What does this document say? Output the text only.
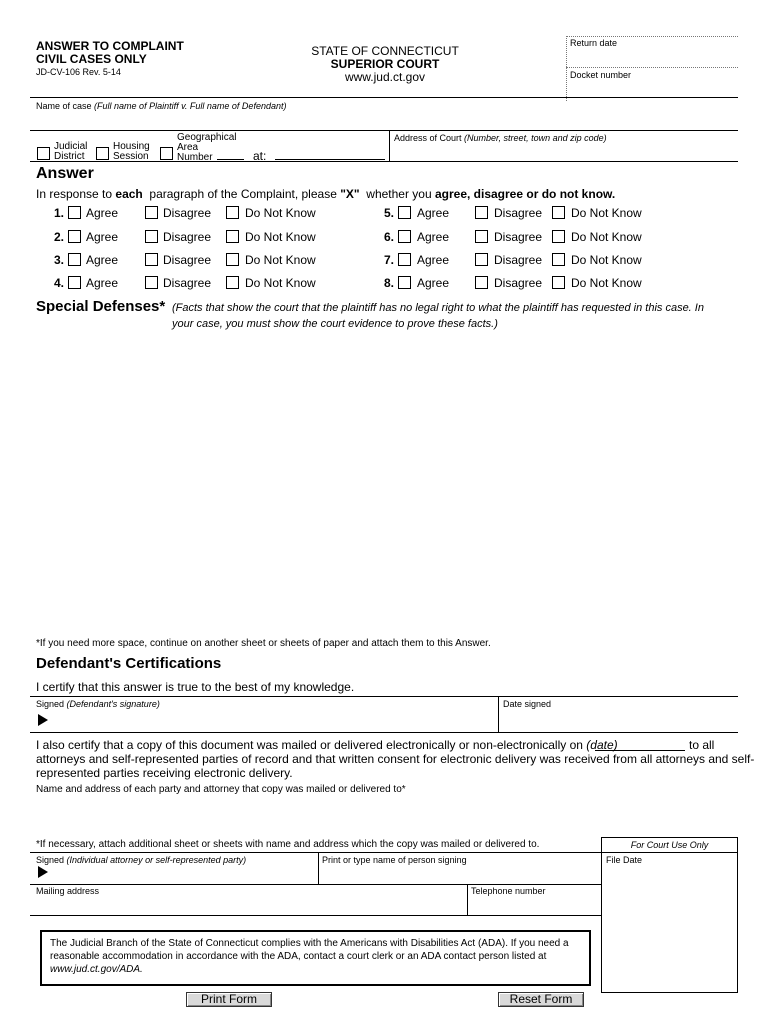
ANSWER TO COMPLAINT
CIVIL CASES ONLY
JD-CV-106 Rev. 5-14
STATE OF CONNECTICUT
SUPERIOR COURT
www.jud.ct.gov
Return date
Docket number
Name of case (Full name of Plaintiff v. Full name of Defendant)
Judicial
District
Housing
Session
Geographical
Area
Number	at:
Address of Court (Number, street, town and zip code)
Answer
In response to each  paragraph of the Complaint, please "X"  whether you agree, disagree or do not know.
1. Agree	Disagree	Do Not Know
2. Agree	Disagree	Do Not Know
3. Agree	Disagree	Do Not Know
4. Agree	Disagree	Do Not Know
5. Agree	Disagree Do Not Know
6. Agree	Disagree Do Not Know
7. Agree	Disagree Do Not Know
8. Agree	Disagree Do Not Know
Special Defenses* (Facts that show the court that the plaintiff has no legal right to what the plaintiff has requested in this case. In
your case, you must show the court evidence to prove these facts.)
*If you need more space, continue on another sheet or sheets of paper and attach them to this Answer.
Defendant's Certifications
I certify that this answer is true to the best of my knowledge.
Signed (Defendant's signature)	Date signed
I also certify that a copy of this document was mailed or delivered electronically or non-electronically on (date)	to all
attorneys and self-represented parties of record and that written consent for electronic delivery was received from all attorneys and self-
represented parties receiving electronic delivery.
Name and address of each party and attorney that copy was mailed or delivered to*
*If necessary, attach additional sheet or sheets with name and address which the copy was mailed or delivered to.
Signed (Individual attorney or self-represented party)	Print or type name of person signing
Mailing address	Telephone number
For Court Use Only
File Date
The Judicial Branch of the State of Connecticut complies with the Americans with Disabilities Act (ADA). If you need a
reasonable accommodation in accordance with the ADA, contact a court clerk or an ADA contact person listed at
www.jud.ct.gov/ADA.
Print Form	Reset Form
